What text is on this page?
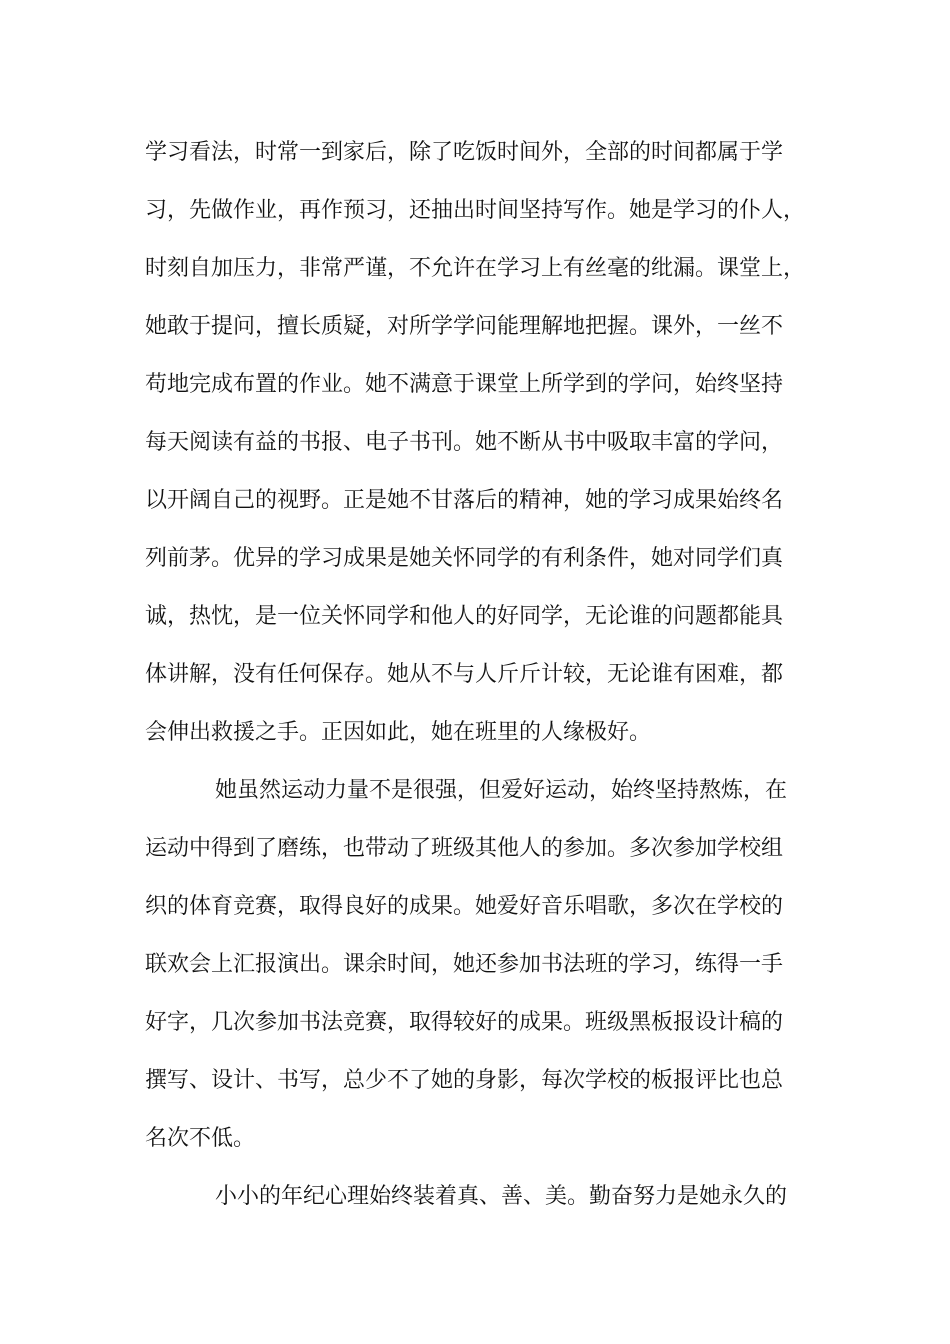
学习看法，时常一到家后，除了吃饭时间外，全部的时间都属于学
习，先做作业，再作预习，还抽出时间坚持写作。她是学习的仆人，
时刻自加压力，非常严谨，不允许在学习上有丝毫的纰漏。课堂上，
她敢于提问，擅长质疑，对所学学问能理解地把握。课外，一丝不
苟地完成布置的作业。她不满意于课堂上所学到的学问，始终坚持
每天阅读有益的书报、电子书刊。她不断从书中吸取丰富的学问，
以开阔自己的视野。正是她不甘落后的精神，她的学习成果始终名
列前茅。优异的学习成果是她关怀同学的有利条件，她对同学们真
诚，热忱，是一位关怀同学和他人的好同学，无论谁的问题都能具
体讲解，没有任何保存。她从不与人斤斤计较，无论谁有困难，都
会伸出救援之手。正因如此，她在班里的人缘极好。
她虽然运动力量不是很强，但爱好运动，始终坚持熬炼，在
运动中得到了磨练，也带动了班级其他人的参加。多次参加学校组
织的体育竞赛，取得良好的成果。她爱好音乐唱歌，多次在学校的
联欢会上汇报演出。课余时间，她还参加书法班的学习，练得一手
好字，几次参加书法竞赛，取得较好的成果。班级黑板报设计稿的
撰写、设计、书写，总少不了她的身影，每次学校的板报评比也总
名次不低。
小小的年纪心理始终装着真、善、美。勤奋努力是她永久的
